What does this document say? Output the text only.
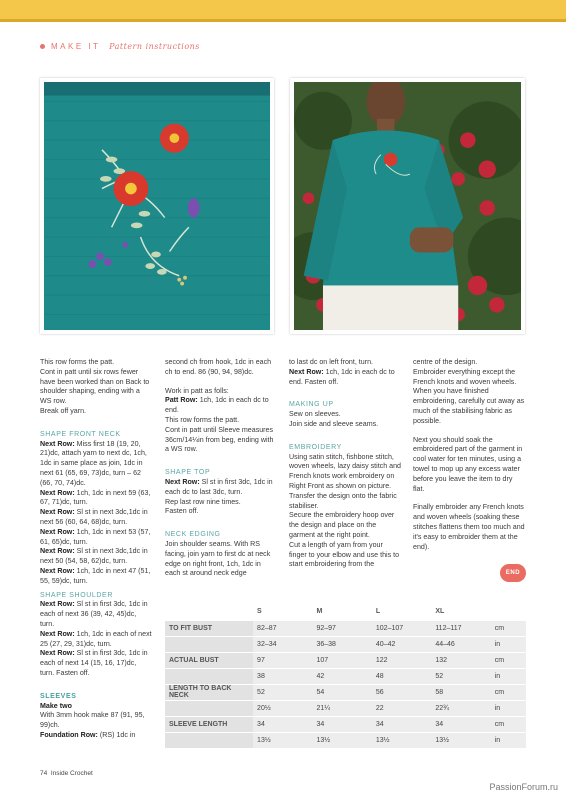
MAKE IT Pattern instructions

This row forms the patt.

Cont in patt until six rows fewer have been worked than on Back to shoulder shaping, ending with a WS row.

Break off yarn.

SHAPE FRONT NECK

Next Row: Miss first 18 (19, 20, 21)dc, attach yarn to next dc, 1ch, 1dc in same place as join, 1dc in next 61 (65, 69, 73)dc, turn – 62 (66, 70, 74)dc.

Next Row: 1ch, 1dc in next 59 (63, 67, 71)dc, turn.

Next Row: Sl st in next 3dc,1dc in next 56 (60, 64, 68)dc, turn.

Next Row: 1ch, 1dc in next 53 (57, 61, 65)dc, turn.

Next Row: Sl st in next 3dc,1dc in next 50 (54, 58, 62)dc, turn.

Next Row: 1ch, 1dc in next 47 (51, 55, 59)dc, turn.

SHAPE SHOULDER

Next Row: Sl st in first 3dc, 1dc in each of next 36 (39, 42, 45)dc, turn.

Next Row: 1ch, 1dc in each of next 25 (27, 29, 31)dc, turn.

Next Row: Sl st in first 3dc, 1dc in each of next 14 (15, 16, 17)dc, turn. Fasten off.

SLEEVES

Make two

With 3mm hook make 87 (91, 95, 99)ch.

Foundation Row: (RS) 1dc in

second ch from hook, 1dc in each ch to end. 86 (90, 94, 98)dc.

Work in patt as folls:

Patt Row: 1ch, 1dc in each dc to end.

This row forms the patt.

Cont in patt until Sleeve measures 36cm/14¼in from beg, ending with a WS row.

SHAPE TOP

Next Row: Sl st in first 3dc, 1dc in each dc to last 3dc, turn.

Rep last row nine times.

Fasten off.

NECK EDGING

Join shoulder seams. With RS facing, join yarn to first dc at neck edge on right front, 1ch, 1dc in each st around neck edge

to last dc on left front, turn.

Next Row: 1ch, 1dc in each dc to end. Fasten off.

MAKING UP

Sew on sleeves.

Join side and sleeve seams.

EMBROIDERY

Using satin stitch, fishbone stitch, woven wheels, lazy daisy stitch and French knots work embroidery on Right Front as shown on picture.

Transfer the design onto the fabric stabiliser.

Secure the embroidery hoop over the design and place on the garment at the right point.

Cut a length of yarn from your finger to your elbow and use this to start embroidering from the

centre of the design.

Embroider everything except the French knots and woven wheels.

When you have finished embroidering, carefully cut away as much of the stabilising fabric as possible.

Next you should soak the embroidered part of the garment in cool water for ten minutes, using a towel to mop up any excess water before you leave the item to dry flat.

Finally embroider any French knots and woven wheels (soaking these stitches flattens them too much and it's easy to embroider them at the end).

END
	S	M	L	XL	
TO FIT BUST	82–87	92–97	102–107	112–117	cm
	32–34	36–38	40–42	44–46	in
ACTUAL BUST	97	107	122	132	cm
	38	42	48	52	in
LENGTH TO BACK NECK	52	54	56	58	cm
	20½	21¼	22	22¾	in
SLEEVE LENGTH	34	34	34	34	cm
	13½	13½	13½	13½	in
74 Inside Crochet
PassionForum.ru
